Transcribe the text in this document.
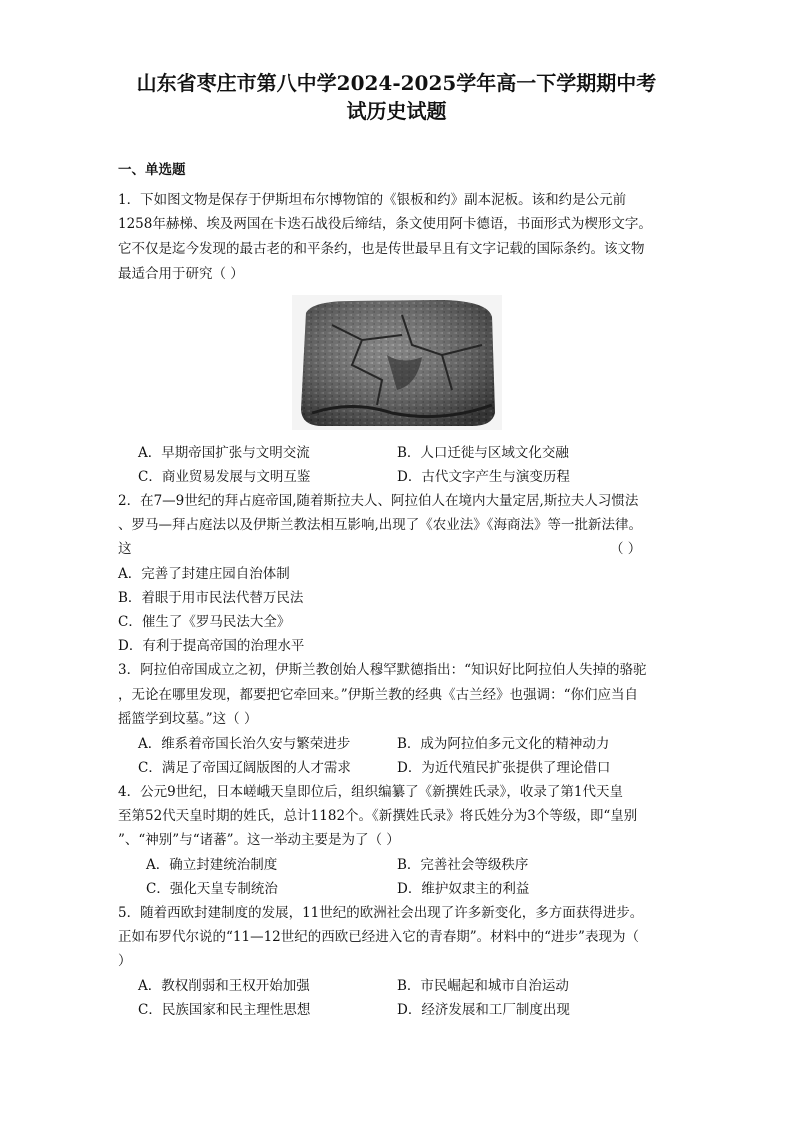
山东省枣庄市第八中学2024-2025学年高一下学期期中考
试历史试题
一、单选题
1．下如图文物是保存于伊斯坦布尔博物馆的《银板和约》副本泥板。该和约是公元前
1258年赫梯、埃及两国在卡迭石战役后缔结，条文使用阿卡德语，书面形式为楔形文字。
它不仅是迄今发现的最古老的和平条约，也是传世最早且有文字记载的国际条约。该文物
最适合用于研究（ ）
A．早期帝国扩张与文明交流	B．人口迁徙与区域文化交融
C．商业贸易发展与文明互鉴	D．古代文字产生与演变历程
2．在7—9世纪的拜占庭帝国,随着斯拉夫人、阿拉伯人在境内大量定居,斯拉夫人习惯法
、罗马—拜占庭法以及伊斯兰教法相互影响,出现了《农业法》《海商法》等一批新法律。
这	（ ）
A．完善了封建庄园自治体制
B．着眼于用市民法代替万民法
C．催生了《罗马民法大全》
D．有利于提高帝国的治理水平
3．阿拉伯帝国成立之初，伊斯兰教创始人穆罕默德指出：“知识好比阿拉伯人失掉的骆驼
，无论在哪里发现，都要把它牵回来。”伊斯兰教的经典《古兰经》也强调：“你们应当自
摇篮学到坟墓。”这（ ）
A．维系着帝国长治久安与繁荣进步	B．成为阿拉伯多元文化的精神动力
C．满足了帝国辽阔版图的人才需求	D．为近代殖民扩张提供了理论借口
4．公元9世纪，日本嵯峨天皇即位后，组织编纂了《新撰姓氏录》，收录了第1代天皇
至第52代天皇时期的姓氏，总计1182个。《新撰姓氏录》将氏姓分为3个等级，即“皇别
”、“神别”与“诸蕃”。这一举动主要是为了（ ）
A．确立封建统治制度	B．完善社会等级秩序
C．强化天皇专制统治	D．维护奴隶主的利益
5．随着西欧封建制度的发展，11世纪的欧洲社会出现了许多新变化，多方面获得进步。
正如布罗代尔说的“11—12世纪的西欧已经进入它的青春期”。材料中的“进步”表现为（
）
A．教权削弱和王权开始加强	B．市民崛起和城市自治运动
C．民族国家和民主理性思想	D．经济发展和工厂制度出现
